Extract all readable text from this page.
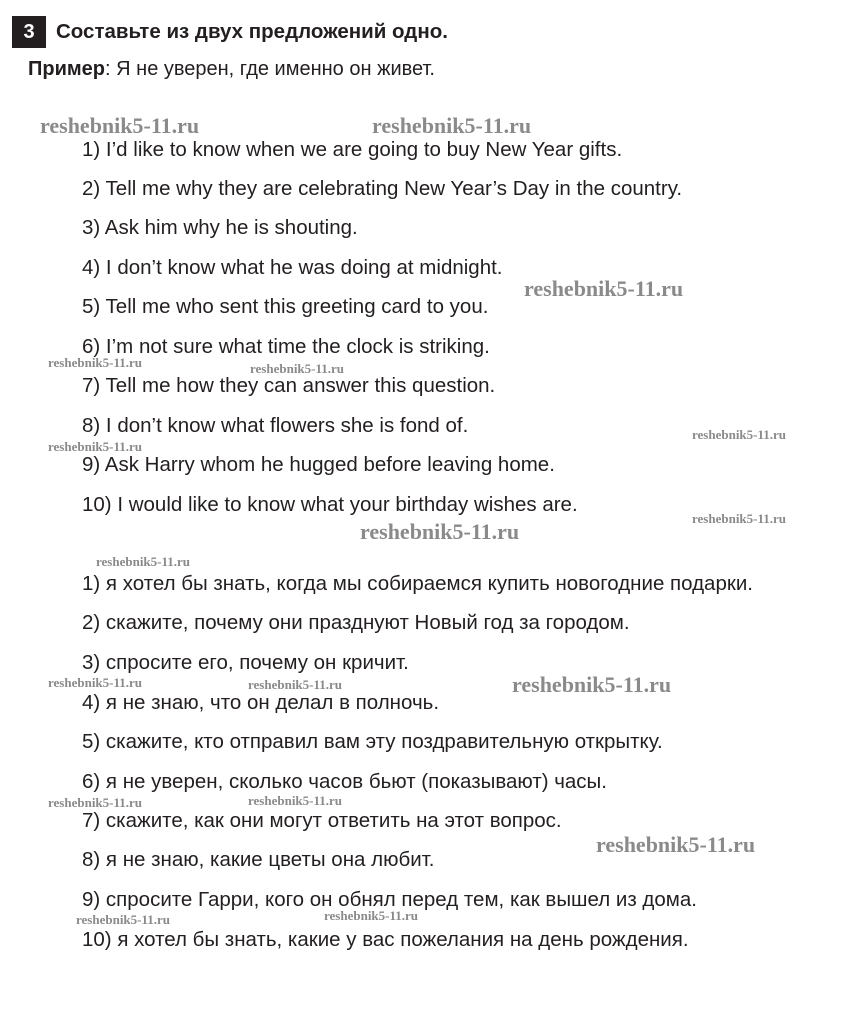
3	Составьте из двух предложений одно.
Пример: Я не уверен, где именно он живет.
1) I’d like to know when we are going to buy New Year gifts.
2) Tell me why they are celebrating New Year’s Day in the country.
3) Ask him why he is shouting.
4) I don’t know what he was doing at midnight.
5) Tell me who sent this greeting card to you.
6) I’m not sure what time the clock is striking.
7) Tell me how they can answer this question.
8) I don’t know what flowers she is fond of.
9) Ask Harry whom he hugged before leaving home.
10) I would like to know what your birthday wishes are.
1) я хотел бы знать, когда мы собираемся купить новогодние подарки.
2) скажите, почему они празднуют Новый год за городом.
3) спросите его, почему он кричит.
4) я не знаю, что он делал в полночь.
5) скажите, кто отправил вам эту поздравительную открытку.
6) я не уверен, сколько часов бьют (показывают) часы.
7) скажите, как они могут ответить на этот вопрос.
8) я не знаю, какие цветы она любит.
9) спросите Гарри, кого он обнял перед тем, как вышел из дома.
10) я хотел бы знать, какие у вас пожелания на день рождения.
reshebnik5-11.ru	reshebnik5-11.ru
reshebnik5-11.ru
reshebnik5-11.ru	reshebnik5-11.ru
reshebnik5-11.ru
reshebnik5-11.ru
reshebnik5-11.ru
reshebnik5-11.ru
reshebnik5-11.ru
reshebnik5-11.ru	reshebnik5-11.ru	reshebnik5-11.ru
reshebnik5-11.ru	reshebnik5-11.ru
reshebnik5-11.ru
reshebnik5-11.ru	reshebnik5-11.ru
